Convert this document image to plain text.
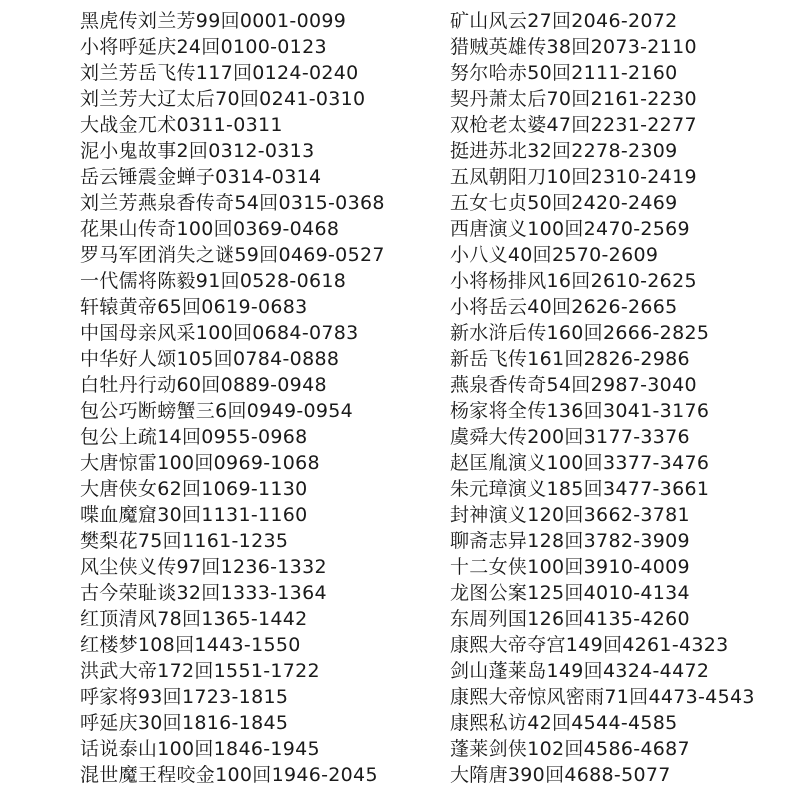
黑虎传刘兰芳99回0001-0099
小将呼延庆24回0100-0123
刘兰芳岳飞传117回0124-0240
刘兰芳大辽太后70回0241-0310
大战金兀术0311-0311
泥小鬼故事2回0312-0313
岳云锤震金蝉子0314-0314
刘兰芳燕泉香传奇54回0315-0368
花果山传奇100回0369-0468
罗马军团消失之谜59回0469-0527
一代儒将陈毅91回0528-0618
轩辕黄帝65回0619-0683
中国母亲风采100回0684-0783
中华好人颂105回0784-0888
白牡丹行动60回0889-0948
包公巧断螃蟹三6回0949-0954
包公上疏14回0955-0968
大唐惊雷100回0969-1068
大唐侠女62回1069-1130
喋血魔窟30回1131-1160
樊梨花75回1161-1235
风尘侠义传97回1236-1332
古今荣耻谈32回1333-1364
红顶清风78回1365-1442
红楼梦108回1443-1550
洪武大帝172回1551-1722
呼家将93回1723-1815
呼延庆30回1816-1845
话说泰山100回1846-1945
混世魔王程咬金100回1946-2045
矿山风云27回2046-2072
猎贼英雄传38回2073-2110
努尔哈赤50回2111-2160
契丹萧太后70回2161-2230
双枪老太婆47回2231-2277
挺进苏北32回2278-2309
五凤朝阳刀10回2310-2419
五女七贞50回2420-2469
西唐演义100回2470-2569
小八义40回2570-2609
小将杨排风16回2610-2625
小将岳云40回2626-2665
新水浒后传160回2666-2825
新岳飞传161回2826-2986
燕泉香传奇54回2987-3040
杨家将全传136回3041-3176
虞舜大传200回3177-3376
赵匡胤演义100回3377-3476
朱元璋演义185回3477-3661
封神演义120回3662-3781
聊斋志异128回3782-3909
十二女侠100回3910-4009
龙图公案125回4010-4134
东周列国126回4135-4260
康熙大帝夺宫149回4261-4323
剑山蓬莱岛149回4324-4472
康熙大帝惊风密雨71回4473-4543
康熙私访42回4544-4585
蓬莱剑侠102回4586-4687
大隋唐390回4688-5077
